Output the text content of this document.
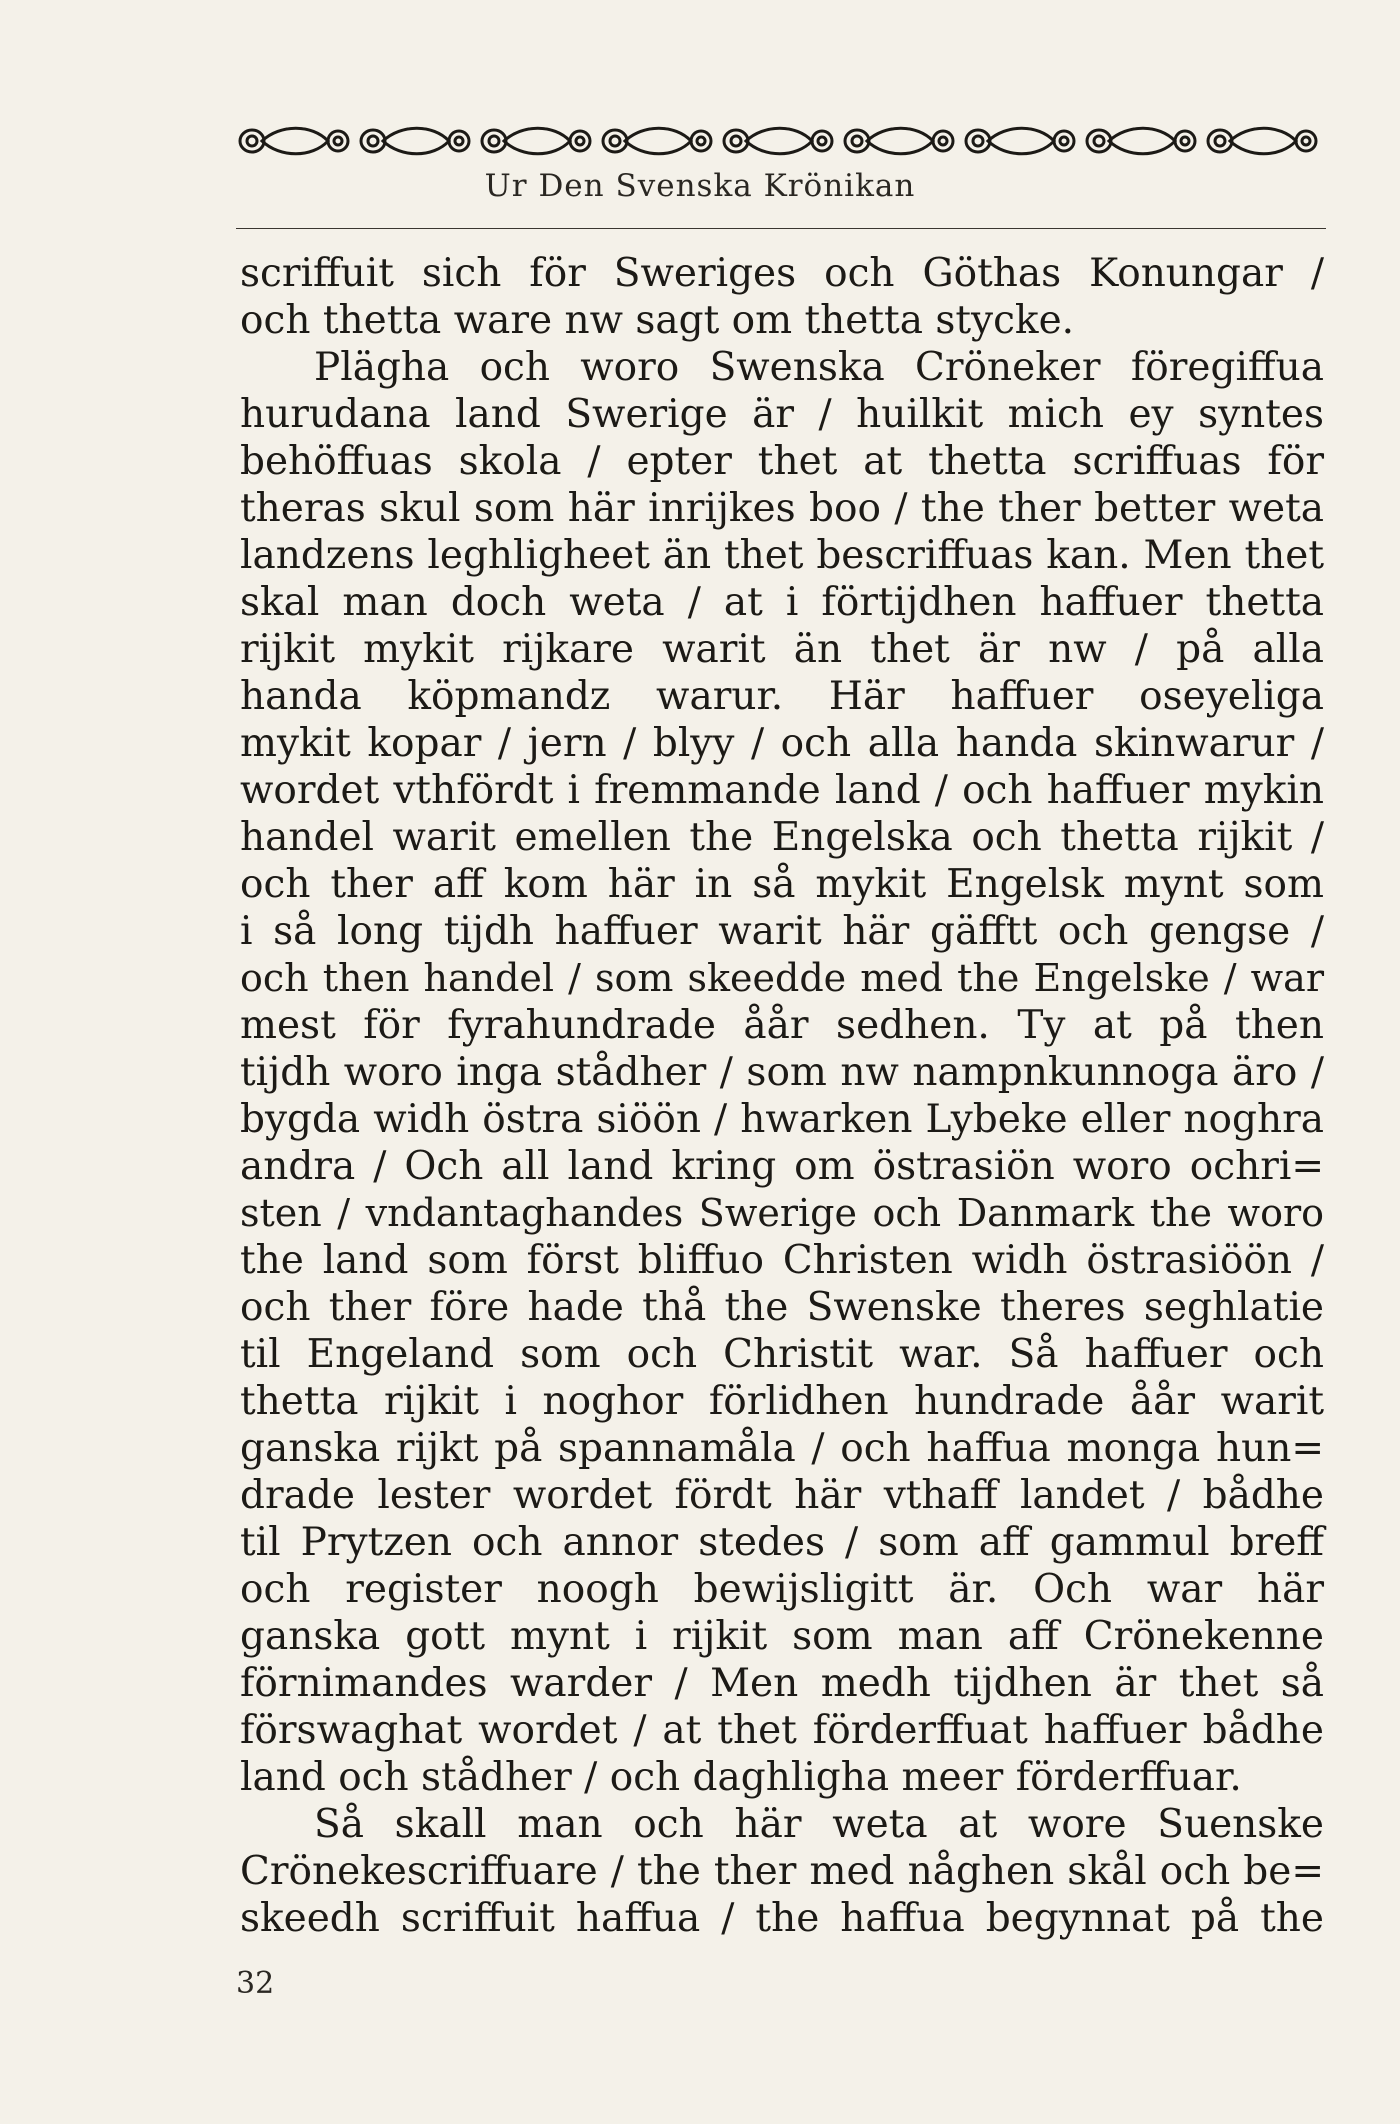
Ur Den Svenska Krönikan
scriffuit sich för Sweriges och Göthas Konungar /
och thetta ware nw sagt om thetta stycke.
Plägha och woro Swenska Cröneker föregiffua
hurudana land Swerige är / huilkit mich ey syntes
behöffuas skola / epter thet at thetta scriffuas för
theras skul som här inrijkes boo / the ther better weta
landzens leghligheet än thet bescriffuas kan. Men thet
skal man doch weta / at i förtijdhen haffuer thetta
rijkit mykit rijkare warit än thet är nw / på alla
handa köpmandz warur. Här haffuer oseyeliga
mykit kopar / jern / blyy / och alla handa skinwarur /
wordet vthfördt i fremmande land / och haffuer mykin
handel warit emellen the Engelska och thetta rijkit /
och ther aff kom här in så mykit Engelsk mynt som
i så long tijdh haffuer warit här gäfftt och gengse /
och then handel / som skeedde med the Engelske / war
mest för fyrahundrade åår sedhen. Ty at på then
tijdh woro inga stådher / som nw nampnkunnoga äro /
bygda widh östra siöön / hwarken Lybeke eller noghra
andra / Och all land kring om östrasiön woro ochri=
sten / vndantaghandes Swerige och Danmark the woro
the land som först bliffuo Christen widh östrasiöön /
och ther före hade thå the Swenske theres seghlatie
til Engeland som och Christit war. Så haffuer och
thetta rijkit i noghor förlidhen hundrade åår warit
ganska rijkt på spannamåla / och haffua monga hun=
drade lester wordet fördt här vthaff landet / bådhe
til Prytzen och annor stedes / som aff gammul breff
och register noogh bewijsligitt är. Och war här
ganska gott mynt i rijkit som man aff Crönekenne
förnimandes warder / Men medh tijdhen är thet så
förswaghat wordet / at thet förderffuat haffuer bådhe
land och stådher / och daghligha meer förderffuar.
Så skall man och här weta at wore Suenske
Crönekescriffuare / the ther med någhen skål och be=
skeedh scriffuit haffua / the haffua begynnat på the
32
